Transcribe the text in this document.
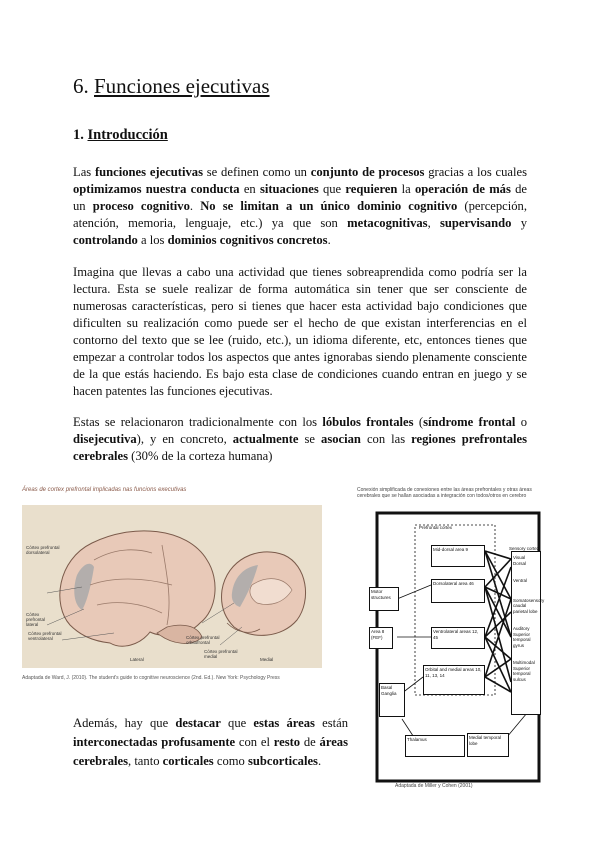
6. Funciones ejecutivas
1. Introducción
Las funciones ejecutivas se definen como un conjunto de procesos gracias a los cuales optimizamos nuestra conducta en situaciones que requieren la operación de más de un proceso cognitivo. No se limitan a un único dominio cognitivo (percepción, atención, memoria, lenguaje, etc.) ya que son metacognitivas, supervisando y controlando a los dominios cognitivos concretos.
Imagina que llevas a cabo una actividad que tienes sobreaprendida como podría ser la lectura. Esta se suele realizar de forma automática sin tener que ser consciente de numerosas características, pero si tienes que hacer esta actividad bajo condiciones que dificulten su realización como puede ser el hecho de que existan interferencias en el contorno del texto que se lee (ruido, etc.), un idioma diferente, etc, entonces tienes que empezar a controlar todos los aspectos que antes ignorabas siendo plenamente consciente de la que estás haciendo. Es bajo esta clase de condiciones cuando entran en juego y se hacen patentes las funciones ejecutivas.
Estas se relacionaron tradicionalmente con los lóbulos frontales (síndrome frontal o disejecutiva), y en concreto, actualmente se asocian con las regiones prefrontales cerebrales (30% de la corteza humana)
Áreas de cortex prefrontal implicadas nas funcions executivas
Córtex prefrontal dorsolateral
Córtex prefrontal lateral
Córtex prefrontal ventrolateral	Córtex prefrontal orbitofrontal
Córtex prefrontal medial
Lateral	Medial
Adaptada de Ward, J. (2010). The student's guide to cognitive neuroscience (2nd. Ed.). New York: Psychology Press
Además, hay que destacar que estas áreas están interconectadas profusamente con el resto de áreas cerebrales, tanto corticales como subcorticales.
Conexión simplificada de conexiones entre las áreas prefrontales y otras áreas cerebrales que se hallan asociadas a integración con todos/otros en cerebro
Prefrontal cortex
Sensory cortex
Mid-dorsal area 9
Dorsolateral area 46
Ventrolateral areas 12, 45
Orbital and medial areas 10, 11, 13, 14
Motor structures
Area 8 (FEF)
Basal Ganglia
Thalamus	Medial temporal lobe
Visual Dorsal
Ventral
Somatosensory caudal parietal lobe
Auditory Superior temporal gyrus
Multimodal Superior temporal sulcus
Adaptada de Miller y Cohen (2001)
